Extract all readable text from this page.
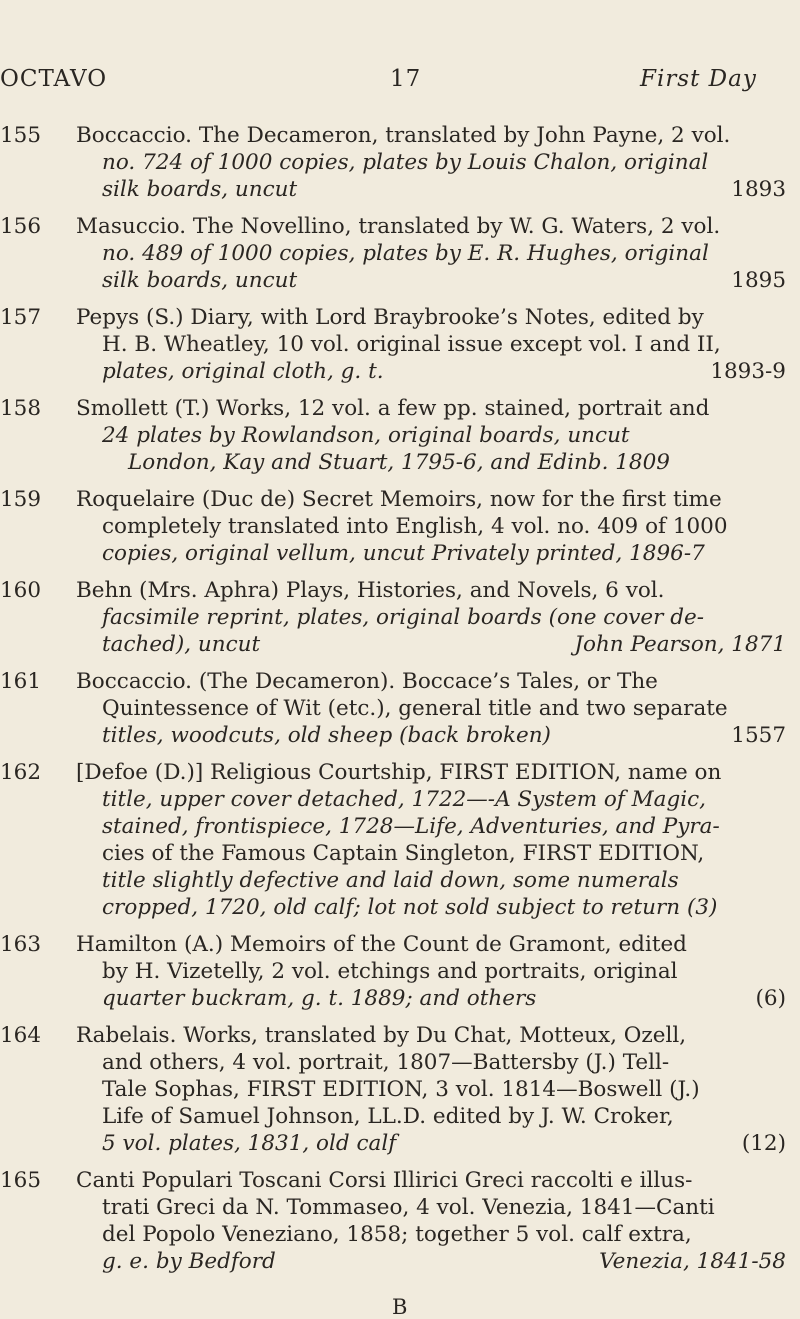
OCTAVO	17	First Day
155	Boccaccio. The Decameron, translated by John Payne, 2 vol.
no. 724 of 1000 copies, plates by Louis Chalon, original
silk boards, uncut	1893
156	Masuccio. The Novellino, translated by W. G. Waters, 2 vol.
no. 489 of 1000 copies, plates by E. R. Hughes, original
silk boards, uncut	1895
157	Pepys (S.) Diary, with Lord Braybrooke’s Notes, edited by
H. B. Wheatley, 10 vol. original issue except vol. I and II,
plates, original cloth, g. t.	1893-9
158	Smollett (T.) Works, 12 vol. a few pp. stained, portrait and
24 plates by Rowlandson, original boards, uncut
London, Kay and Stuart, 1795-6, and Edinb. 1809
159	Roquelaire (Duc de) Secret Memoirs, now for the first time
completely translated into English, 4 vol. no. 409 of 1000
copies, original vellum, uncut Privately printed, 1896-7
160	Behn (Mrs. Aphra) Plays, Histories, and Novels, 6 vol.
facsimile reprint, plates, original boards (one cover de-
tached), uncut	John Pearson, 1871
161	Boccaccio. (The Decameron). Boccace’s Tales, or The
Quintessence of Wit (etc.), general title and two separate
titles, woodcuts, old sheep (back broken)	1557
162	[Defoe (D.)] Religious Courtship, FIRST EDITION, name on
title, upper cover detached, 1722—-A System of Magic,
stained, frontispiece, 1728—Life, Adventuries, and Pyra-
cies of the Famous Captain Singleton, FIRST EDITION,
title slightly defective and laid down, some numerals
cropped, 1720, old calf; lot not sold subject to return (3)
163	Hamilton (A.) Memoirs of the Count de Gramont, edited
by H. Vizetelly, 2 vol. etchings and portraits, original
quarter buckram, g. t. 1889; and others	(6)
164	Rabelais. Works, translated by Du Chat, Motteux, Ozell,
and others, 4 vol. portrait, 1807—Battersby (J.) Tell-
Tale Sophas, FIRST EDITION, 3 vol. 1814—Boswell (J.)
Life of Samuel Johnson, LL.D. edited by J. W. Croker,
5 vol. plates, 1831, old calf	(12)
165	Canti Populari Toscani Corsi Illirici Greci raccolti e illus-
trati Greci da N. Tommaseo, 4 vol. Venezia, 1841—Canti
del Popolo Veneziano, 1858; together 5 vol. calf extra,
g. e. by Bedford	Venezia, 1841-58
B
